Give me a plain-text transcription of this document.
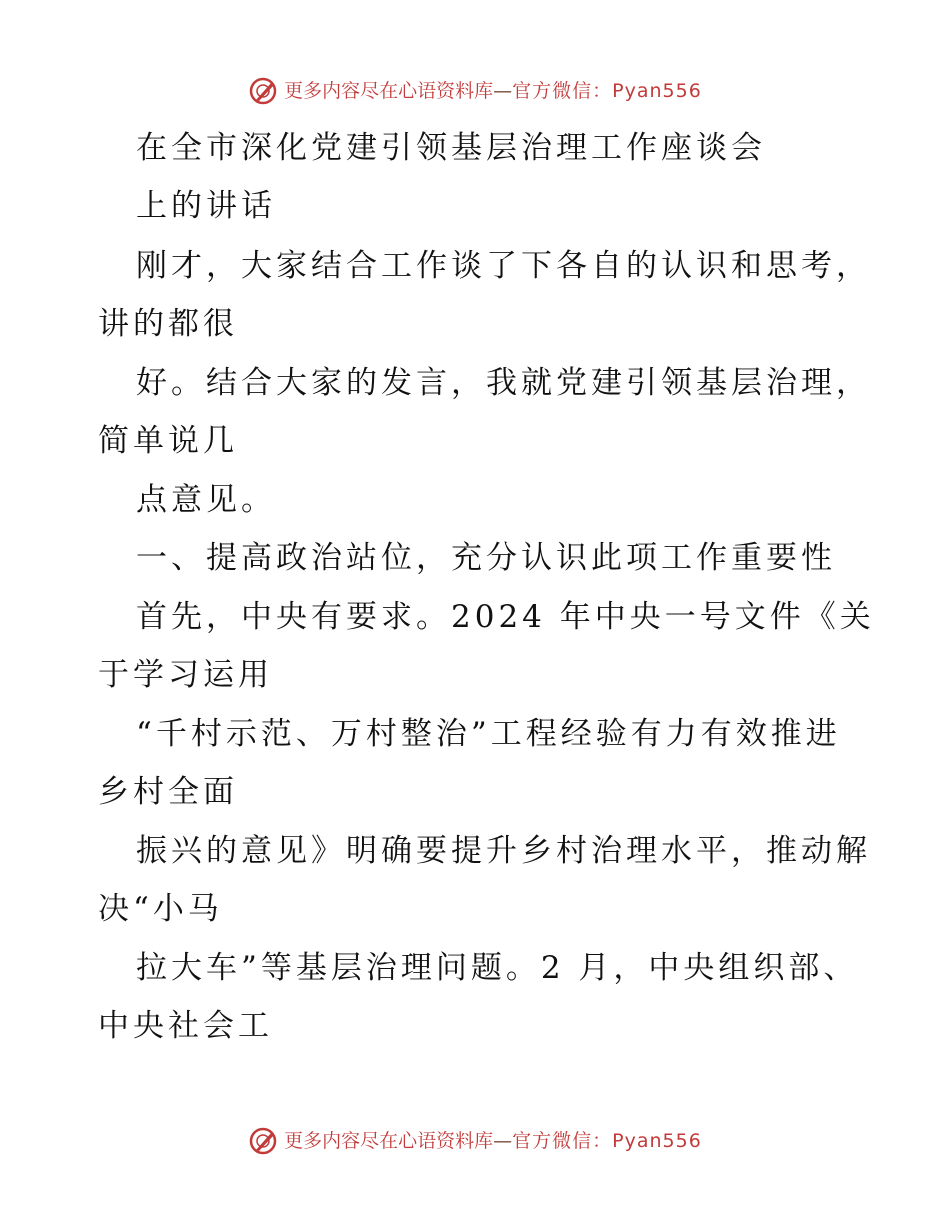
更多内容尽在心语资料库 — 官方微信：Pyan556
在全市深化党建引领基层治理工作座谈会
上的讲话
刚才，大家结合工作谈了下各自的认识和思考，
讲的都很
好。结合大家的发言，我就党建引领基层治理，
简单说几
点意见。
一、提高政治站位，充分认识此项工作重要性
首先，中央有要求。2024 年中央一号文件《关
于学习运用
“千村示范、万村整治”工程经验有力有效推进
乡村全面
振兴的意见》明确要提升乡村治理水平，推动解
决“小马
拉大车”等基层治理问题。2 月，中央组织部、
中央社会工
更多内容尽在心语资料库 — 官方微信：Pyan556
